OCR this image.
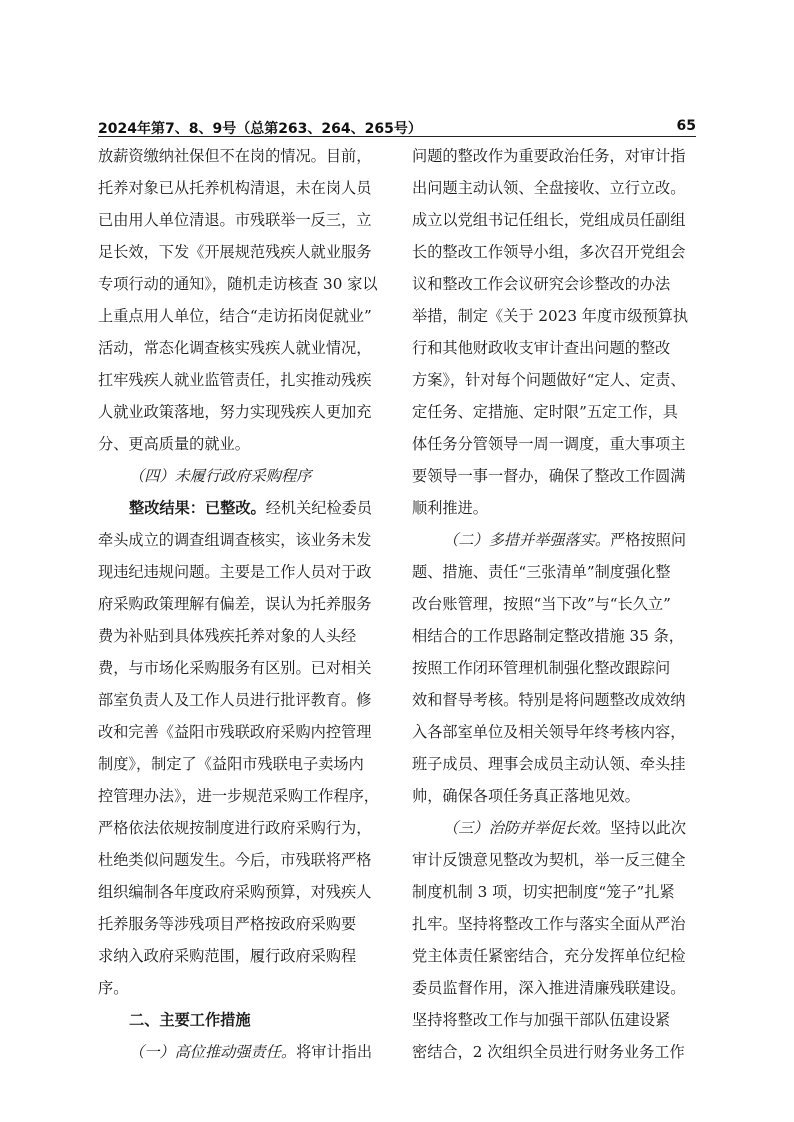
2024年第7、8、9号（总第263、264、265号）	65
放薪资缴纳社保但不在岗的情况。目前，
托养对象已从托养机构清退，未在岗人员
已由用人单位清退。市残联举一反三，立
足长效，下发《开展规范残疾人就业服务
专项行动的通知》，随机走访核查 30 家以
上重点用人单位，结合“走访拓岗促就业”
活动，常态化调查核实残疾人就业情况，
扛牢残疾人就业监管责任，扎实推动残疾
人就业政策落地，努力实现残疾人更加充
分、更高质量的就业。
（四）未履行政府采购程序
整改结果：已整改。经机关纪检委员
牵头成立的调查组调查核实，该业务未发
现违纪违规问题。主要是工作人员对于政
府采购政策理解有偏差，误认为托养服务
费为补贴到具体残疾托养对象的人头经
费，与市场化采购服务有区别。已对相关
部室负责人及工作人员进行批评教育。修
改和完善《益阳市残联政府采购内控管理
制度》，制定了《益阳市残联电子卖场内
控管理办法》，进一步规范采购工作程序，
严格依法依规按制度进行政府采购行为，
杜绝类似问题发生。今后，市残联将严格
组织编制各年度政府采购预算，对残疾人
托养服务等涉残项目严格按政府采购要
求纳入政府采购范围，履行政府采购程
序。
二、主要工作措施
（一）高位推动强责任。将审计指出
问题的整改作为重要政治任务，对审计指
出问题主动认领、全盘接收、立行立改。
成立以党组书记任组长，党组成员任副组
长的整改工作领导小组，多次召开党组会
议和整改工作会议研究会诊整改的办法
举措，制定《关于 2023 年度市级预算执
行和其他财政收支审计查出问题的整改
方案》，针对每个问题做好“定人、定责、
定任务、定措施、定时限”五定工作，具
体任务分管领导一周一调度，重大事项主
要领导一事一督办，确保了整改工作圆满
顺利推进。
（二）多措并举强落实。严格按照问
题、措施、责任“三张清单”制度强化整
改台账管理，按照“当下改”与“长久立”
相结合的工作思路制定整改措施 35 条，
按照工作闭环管理机制强化整改跟踪问
效和督导考核。特别是将问题整改成效纳
入各部室单位及相关领导年终考核内容，
班子成员、理事会成员主动认领、牵头挂
帅，确保各项任务真正落地见效。
（三）治防并举促长效。坚持以此次
审计反馈意见整改为契机，举一反三健全
制度机制 3 项，切实把制度“笼子”扎紧
扎牢。坚持将整改工作与落实全面从严治
党主体责任紧密结合，充分发挥单位纪检
委员监督作用，深入推进清廉残联建设。
坚持将整改工作与加强干部队伍建设紧
密结合，2 次组织全员进行财务业务工作
